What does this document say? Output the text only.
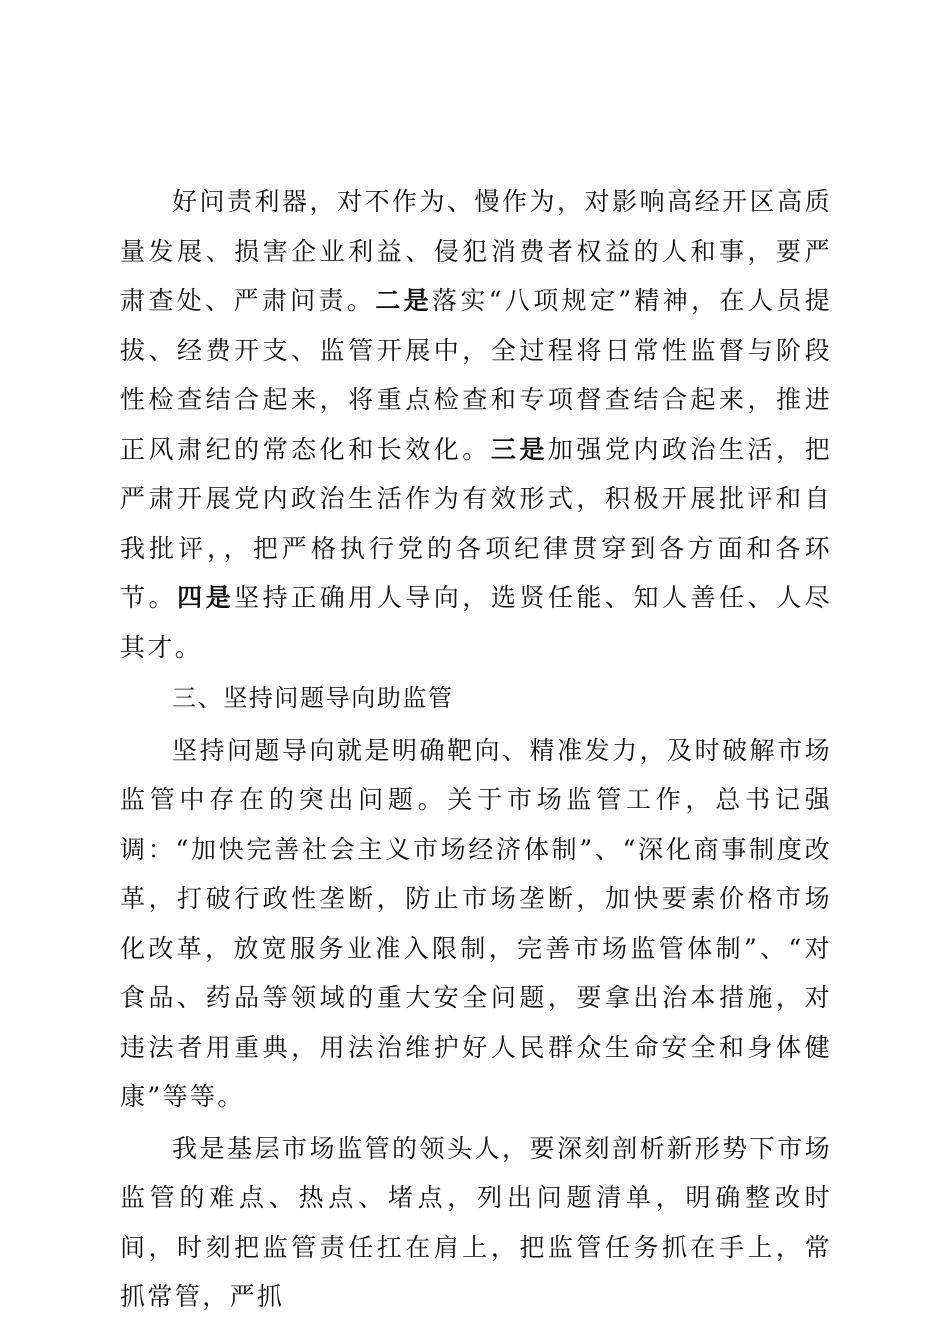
好问责利器，对不作为、慢作为，对影响高经开区高质量发展、损害企业利益、侵犯消费者权益的人和事，要严肃查处、严肃问责。二是落实“八项规定”精神，在人员提拔、经费开支、监管开展中，全过程将日常性监督与阶段性检查结合起来，将重点检查和专项督查结合起来，推进正风肃纪的常态化和长效化。三是加强党内政治生活，把严肃开展党内政治生活作为有效形式，积极开展批评和自我批评，，把严格执行党的各项纪律贯穿到各方面和各环节。四是坚持正确用人导向，选贤任能、知人善任、人尽其才。

三、坚持问题导向助监管

坚持问题导向就是明确靶向、精准发力，及时破解市场监管中存在的突出问题。关于市场监管工作，总书记强调：“加快完善社会主义市场经济体制”、“深化商事制度改革，打破行政性垄断，防止市场垄断，加快要素价格市场化改革，放宽服务业准入限制，完善市场监管体制”、“对食品、药品等领域的重大安全问题，要拿出治本措施，对违法者用重典，用法治维护好人民群众生命安全和身体健康”等等。

我是基层市场监管的领头人，要深刻剖析新形势下市场监管的难点、热点、堵点，列出问题清单，明确整改时间，时刻把监管责任扛在肩上，把监管任务抓在手上，常抓常管，严抓
